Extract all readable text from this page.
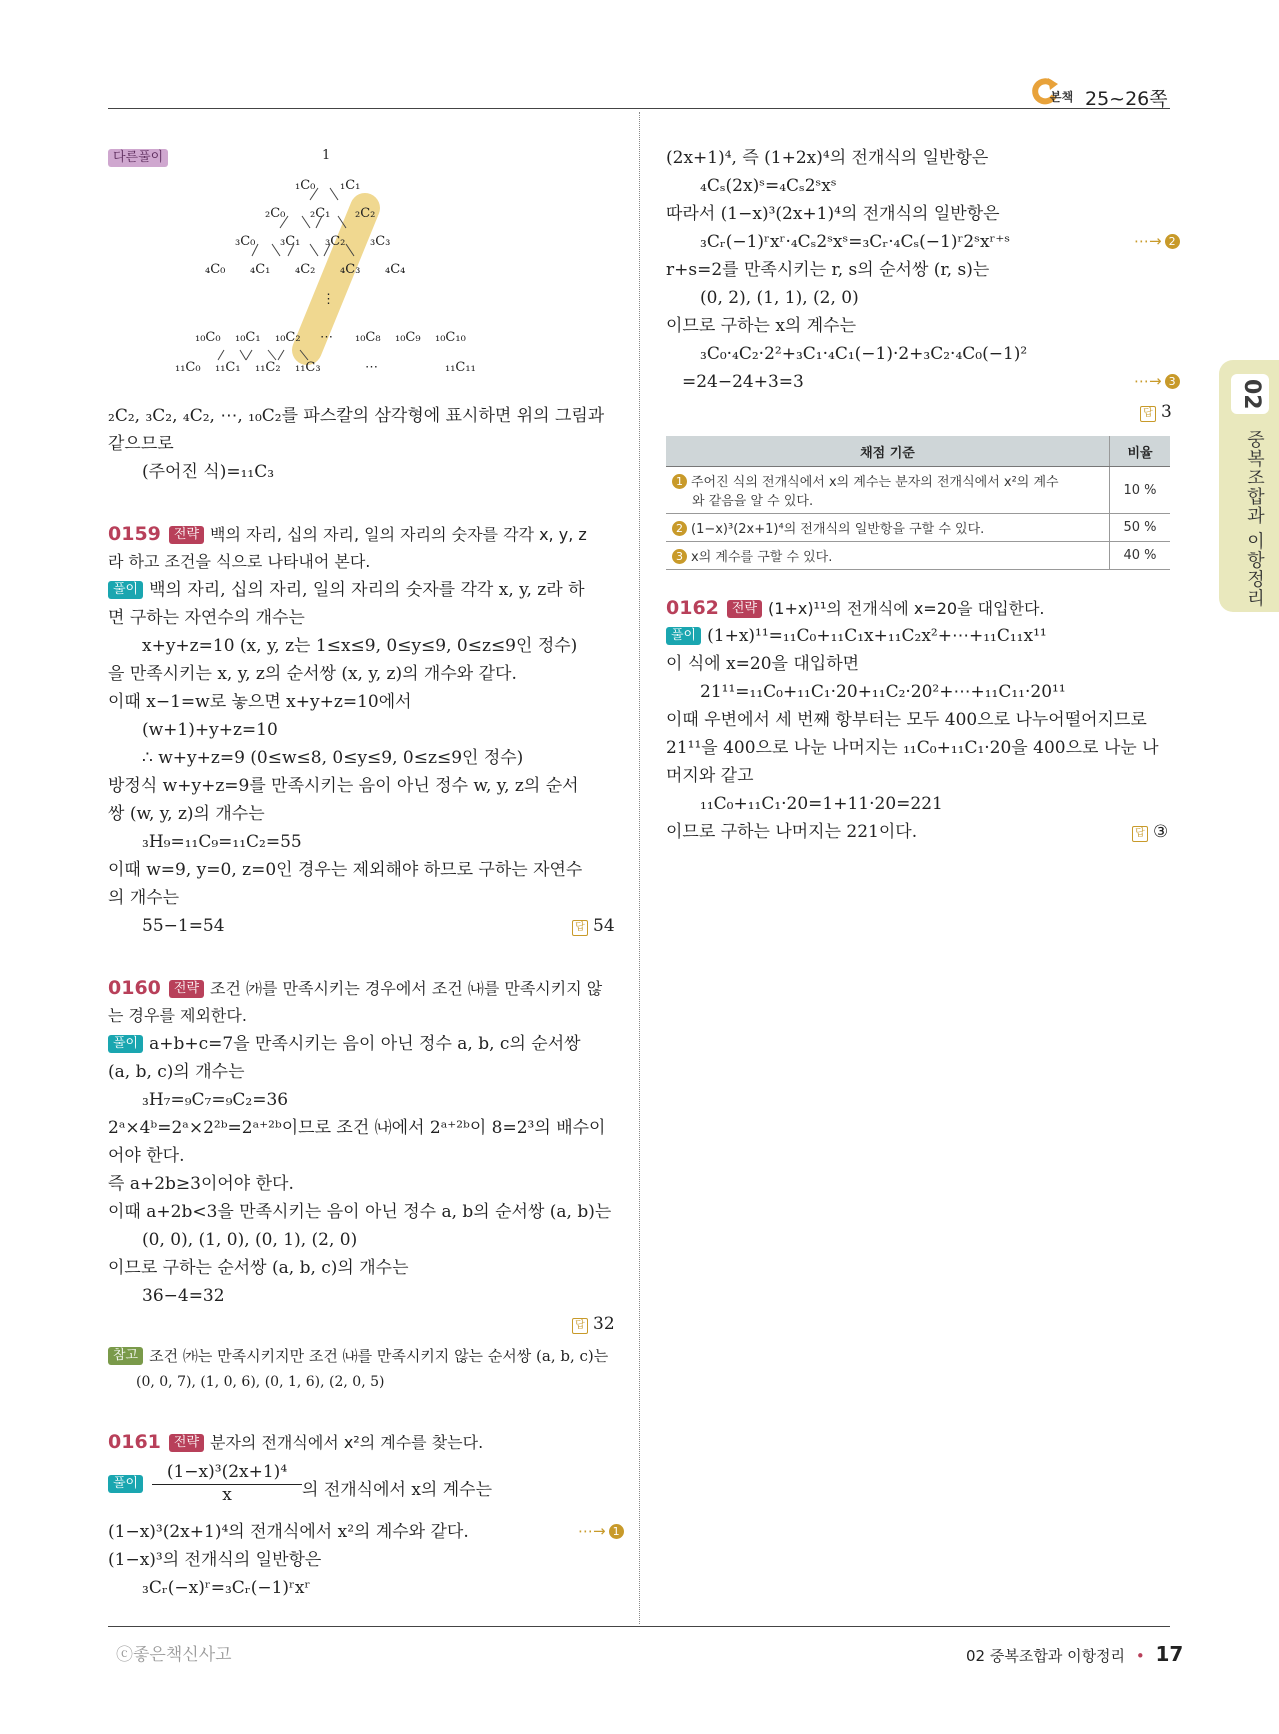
본책 25~26쪽
02
중복조합과 이항정리
다른풀이	1
₁C₀ ₁C₁
₂C₀ ₂C₁ ₂C₂
₃C₀ ₃C₁ ₃C₂ ₃C₃
₄C₀ ₄C₁ ₄C₂ ₄C₃ ₄C₄
⋮
₁₀C₀ ₁₀C₁ ₁₀C₂ ⋯ ₁₀C₈ ₁₀C₉ ₁₀C₁₀
₁₁C₀ ₁₁C₁ ₁₁C₂ ₁₁C₃	⋯	₁₁C₁₁
₂C₂, ₃C₂, ₄C₂, ⋯, ₁₀C₂를 파스칼의 삼각형에 표시하면 위의 그림과
같으므로
(주어진 식)=₁₁C₃
0159 전략 백의 자리, 십의 자리, 일의 자리의 숫자를 각각 x, y, z
라 하고 조건을 식으로 나타내어 본다.
풀이 백의 자리, 십의 자리, 일의 자리의 숫자를 각각 x, y, z라 하
면 구하는 자연수의 개수는
x+y+z=10 (x, y, z는 1≤x≤9, 0≤y≤9, 0≤z≤9인 정수)
을 만족시키는 x, y, z의 순서쌍 (x, y, z)의 개수와 같다.
이때 x−1=w로 놓으면 x+y+z=10에서
(w+1)+y+z=10
∴ w+y+z=9 (0≤w≤8, 0≤y≤9, 0≤z≤9인 정수)
방정식 w+y+z=9를 만족시키는 음이 아닌 정수 w, y, z의 순서
쌍 (w, y, z)의 개수는
₃H₉=₁₁C₉=₁₁C₂=55
이때 w=9, y=0, z=0인 경우는 제외해야 하므로 구하는 자연수
의 개수는
55−1=54	답 54
0160 전략 조건 ㈎를 만족시키는 경우에서 조건 ㈏를 만족시키지 않
는 경우를 제외한다.
풀이 a+b+c=7을 만족시키는 음이 아닌 정수 a, b, c의 순서쌍
(a, b, c)의 개수는
₃H₇=₉C₇=₉C₂=36
2ᵃ×4ᵇ=2ᵃ×2²ᵇ=2ᵃ⁺²ᵇ이므로 조건 ㈏에서 2ᵃ⁺²ᵇ이 8=2³의 배수이
어야 한다.
즉 a+2b≥3이어야 한다.
이때 a+2b<3을 만족시키는 음이 아닌 정수 a, b의 순서쌍 (a, b)는
(0, 0), (1, 0), (0, 1), (2, 0)
이므로 구하는 순서쌍 (a, b, c)의 개수는
36−4=32
답 32
참고 조건 ㈎는 만족시키지만 조건 ㈏를 만족시키지 않는 순서쌍 (a, b, c)는
(0, 0, 7), (1, 0, 6), (0, 1, 6), (2, 0, 5)
0161 전략 분자의 전개식에서 x²의 계수를 찾는다.
풀이 $\frac{\text{(1−x)³(2x+1)⁴}}{x}$ 의 전개식에서 x의 계수는
(1−x)³(2x+1)⁴의 전개식에서 x²의 계수와 같다.	⋯→ 1
(1−x)³의 전개식의 일반항은
₃Cᵣ(−x)ʳ=₃Cᵣ(−1)ʳxʳ
(2x+1)⁴, 즉 (1+2x)⁴의 전개식의 일반항은
₄Cₛ(2x)ˢ=₄Cₛ2ˢxˢ
따라서 (1−x)³(2x+1)⁴의 전개식의 일반항은
₃Cᵣ(−1)ʳxʳ·₄Cₛ2ˢxˢ=₃Cᵣ·₄Cₛ(−1)ʳ2ˢxʳ⁺ˢ	⋯→ 2
r+s=2를 만족시키는 r, s의 순서쌍 (r, s)는
(0, 2), (1, 1), (2, 0)
이므로 구하는 x의 계수는
₃C₀·₄C₂·2²+₃C₁·₄C₁(−1)·2+₃C₂·₄C₀(−1)²
=24−24+3=3	⋯→ 3
답 3
채점 기준	비율
1 주어진 식의 전개식에서 x의 계수는 분자의 전개식에서 x²의 계수
와 같음을 알 수 있다.	10 %
2 (1−x)³(2x+1)⁴의 전개식의 일반항을 구할 수 있다.	50 %
3 x의 계수를 구할 수 있다.	40 %
0162 전략 (1+x)¹¹의 전개식에 x=20을 대입한다.
풀이 (1+x)¹¹=₁₁C₀+₁₁C₁x+₁₁C₂x²+⋯+₁₁C₁₁x¹¹
이 식에 x=20을 대입하면
21¹¹=₁₁C₀+₁₁C₁·20+₁₁C₂·20²+⋯+₁₁C₁₁·20¹¹
이때 우변에서 세 번째 항부터는 모두 400으로 나누어떨어지므로
21¹¹을 400으로 나눈 나머지는 ₁₁C₀+₁₁C₁·20을 400으로 나눈 나
머지와 같고
₁₁C₀+₁₁C₁·20=1+11·20=221
이므로 구하는 나머지는 221이다.	답 ③
ⓒ좋은책신사고	02 중복조합과 이항정리 • 17
